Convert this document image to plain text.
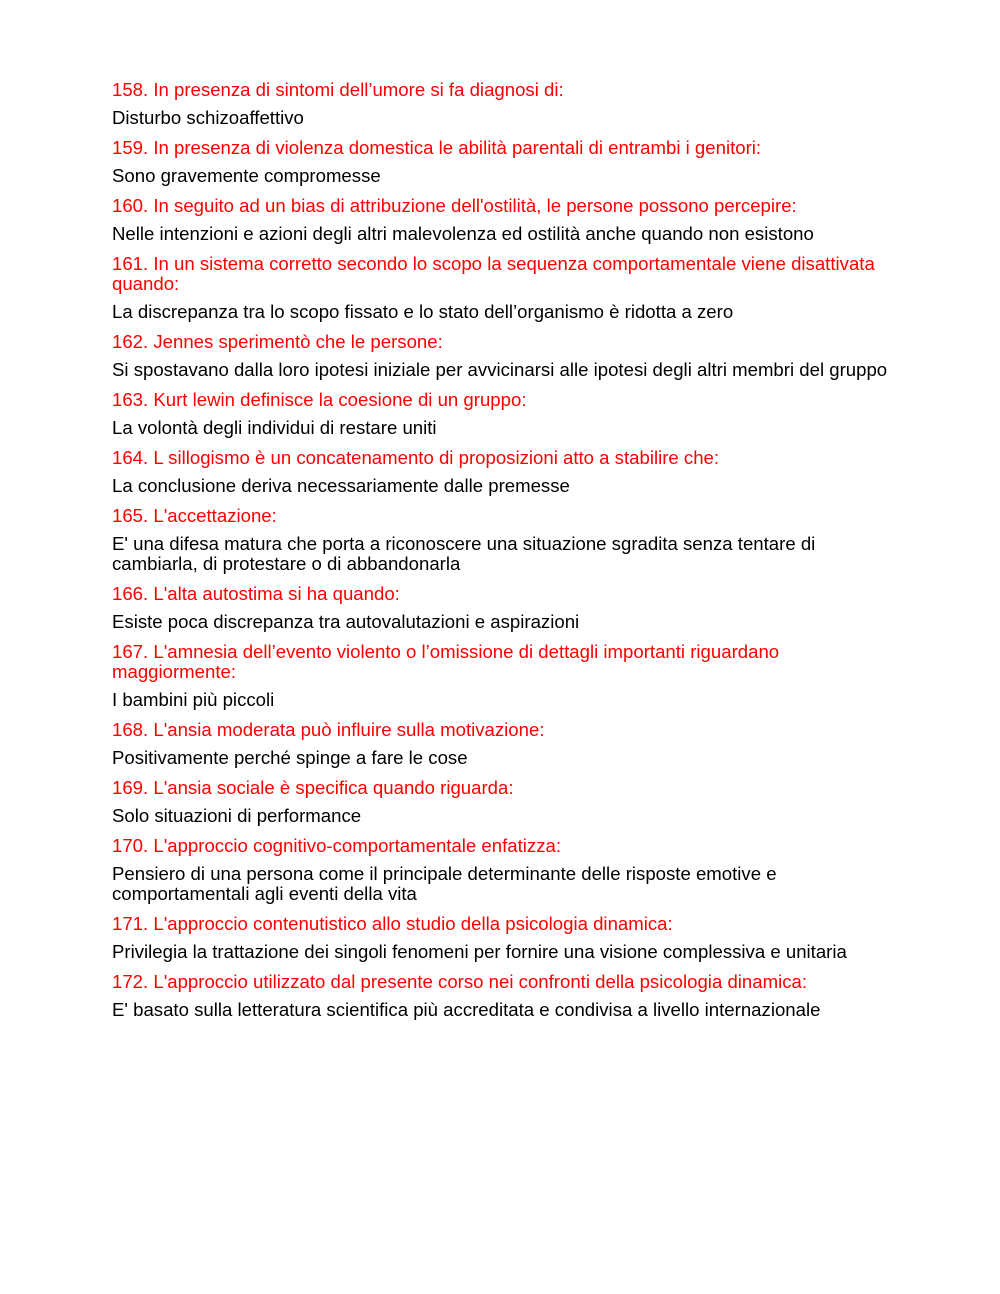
158. In presenza di sintomi dell’umore si fa diagnosi di:

Disturbo schizoaffettivo

159. In presenza di violenza domestica le abilità parentali di entrambi i genitori:

Sono gravemente compromesse

160. In seguito ad un bias di attribuzione dell'ostilità, le persone possono percepire:

Nelle intenzioni e azioni degli altri malevolenza ed ostilità anche quando non esistono

161. In un sistema corretto secondo lo scopo la sequenza comportamentale viene disattivata quando:

La discrepanza tra lo scopo fissato e lo stato dell’organismo è ridotta a zero

162. Jennes sperimentò che le persone:

Si spostavano dalla loro ipotesi iniziale per avvicinarsi alle ipotesi degli altri membri del gruppo

163. Kurt lewin definisce la coesione di un gruppo:

La volontà degli individui di restare uniti

164. L sillogismo è un concatenamento di proposizioni atto a stabilire che:

La conclusione deriva necessariamente dalle premesse

165. L'accettazione:

E' una difesa matura che porta a riconoscere una situazione sgradita senza tentare di cambiarla, di protestare o di abbandonarla

166. L'alta autostima si ha quando:

Esiste poca discrepanza tra autovalutazioni e aspirazioni

167. L'amnesia dell’evento violento o l’omissione di dettagli importanti riguardano maggiormente:

I bambini più piccoli

168. L'ansia moderata può influire sulla motivazione:

Positivamente perché spinge a fare le cose

169. L'ansia sociale è specifica quando riguarda:

Solo situazioni di performance

170. L'approccio cognitivo-comportamentale enfatizza:

Pensiero di una persona come il principale determinante delle risposte emotive e comportamentali agli eventi della vita

171. L'approccio contenutistico allo studio della psicologia dinamica:

Privilegia la trattazione dei singoli fenomeni per fornire una visione complessiva e unitaria

172. L'approccio utilizzato dal presente corso nei confronti della psicologia dinamica:

E' basato sulla letteratura scientifica più accreditata e condivisa a livello internazionale
